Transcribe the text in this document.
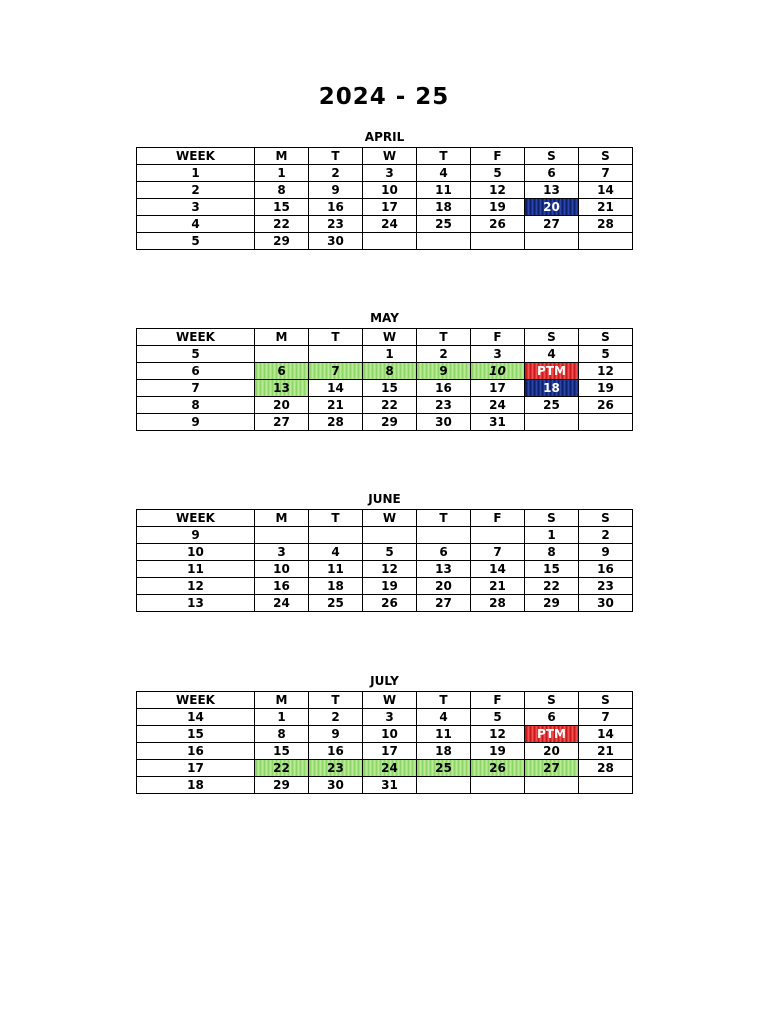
2024 - 25
APRIL
WEEK	M	T	W	T	F	S	S
1	1	2	3	4	5	6	7
2	8	9	10	11	12	13	14
3	15	16	17	18	19	20	21
4	22	23	24	25	26	27	28
5	29	30					
MAY
WEEK	M	T	W	T	F	S	S
5			1	2	3	4	5
6	6	7	8	9	10	PTM	12
7	13	14	15	16	17	18	19
8	20	21	22	23	24	25	26
9	27	28	29	30	31		
JUNE
WEEK	M	T	W	T	F	S	S
9						1	2
10	3	4	5	6	7	8	9
11	10	11	12	13	14	15	16
12	16	18	19	20	21	22	23
13	24	25	26	27	28	29	30
JULY
WEEK	M	T	W	T	F	S	S
14	1	2	3	4	5	6	7
15	8	9	10	11	12	PTM	14
16	15	16	17	18	19	20	21
17	22	23	24	25	26	27	28
18	29	30	31				
